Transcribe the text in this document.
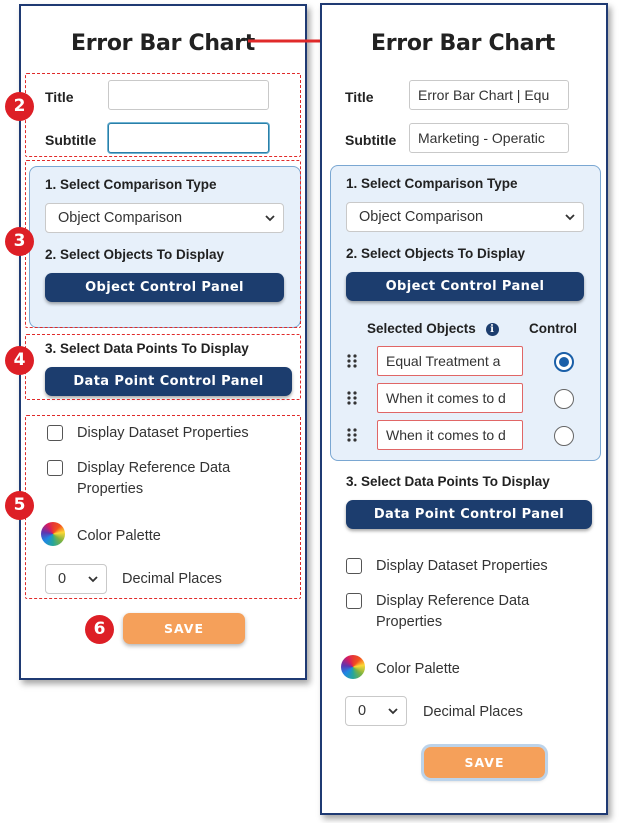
Error Bar Chart
Title
Subtitle
1. Select Comparison Type
Object Comparison
2. Select Objects To Display
Object Control Panel
3. Select Data Points To Display
Data Point Control Panel
Display Dataset Properties
Display Reference Data Properties
Color Palette
0	Decimal Places
SAVE
2
3
4
5
6
Error Bar Chart
Title
Error Bar Chart | Equ
Subtitle
Marketing - Operatic
1. Select Comparison Type
Object Comparison
2. Select Objects To Display
Object Control Panel
Selected Objects i	Control
Equal Treatment a
When it comes to d
When it comes to d
3. Select Data Points To Display
Data Point Control Panel
Display Dataset Properties
Display Reference Data Properties
Color Palette
0	Decimal Places
SAVE
